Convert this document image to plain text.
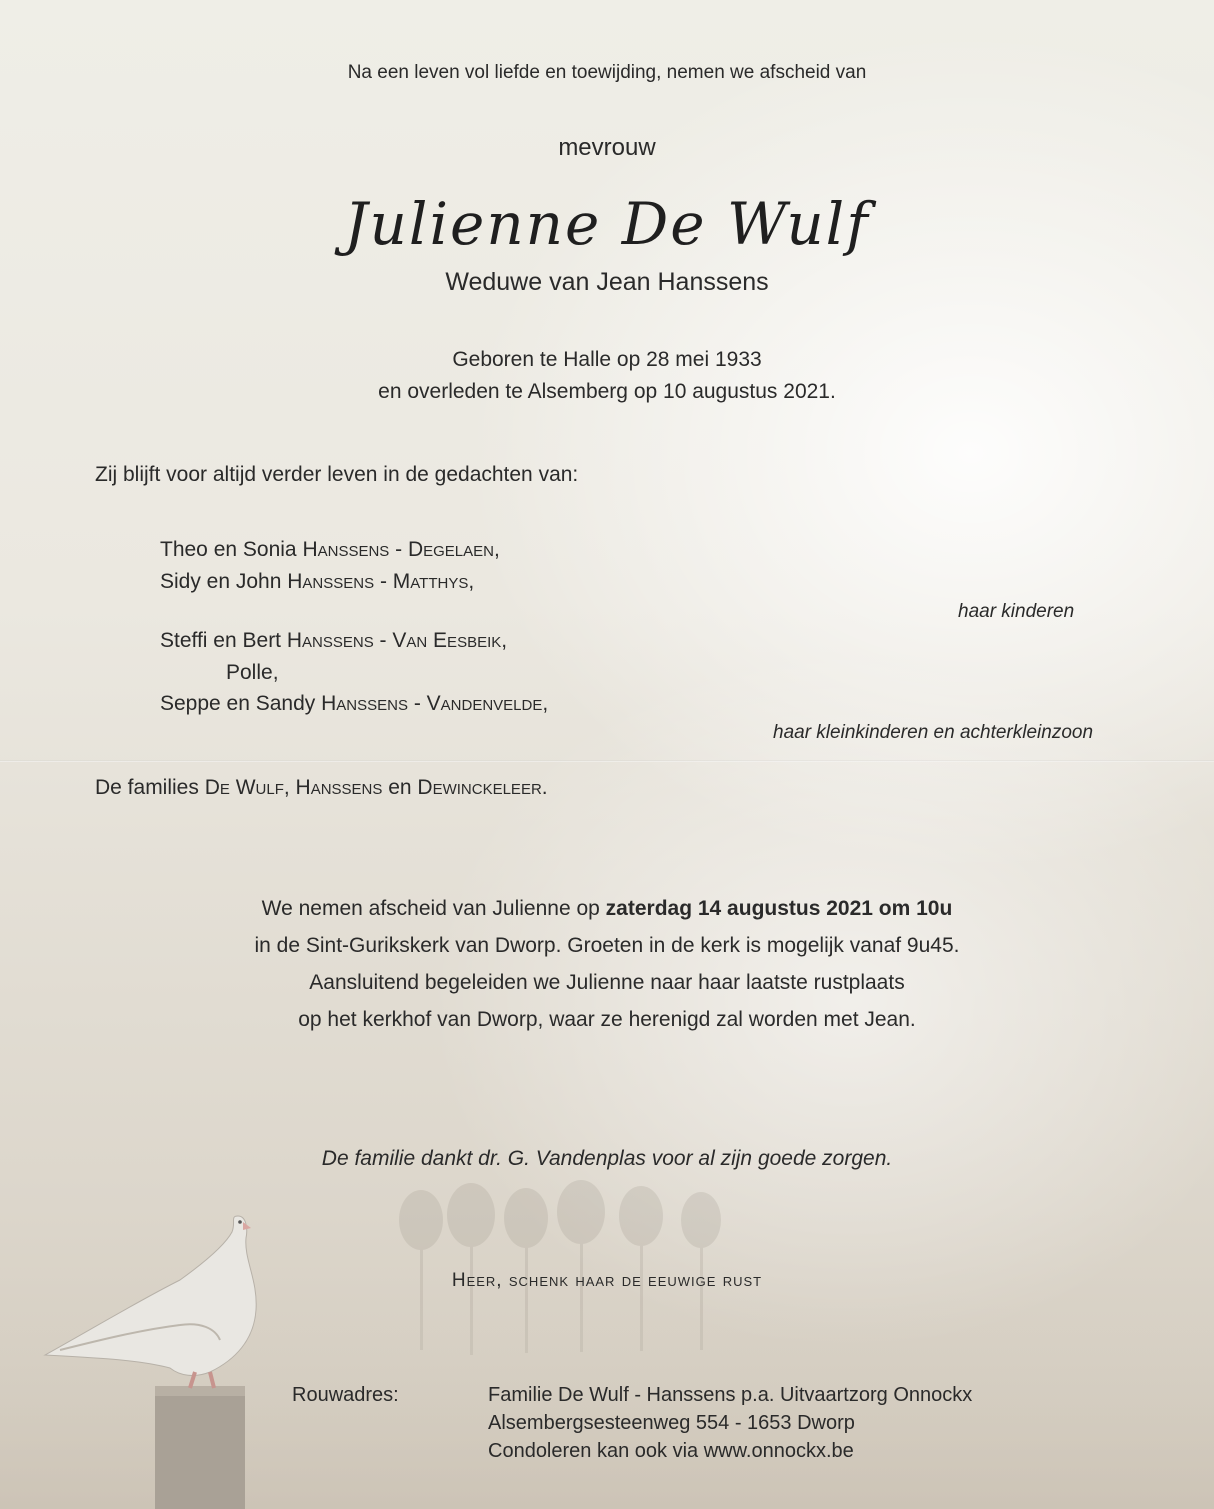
Na een leven vol liefde en toewijding, nemen we afscheid van
mevrouw
Julienne De Wulf
Weduwe van Jean Hanssens
Geboren te Halle op 28 mei 1933
en overleden te Alsemberg op 10 augustus 2021.
Zij blijft voor altijd verder leven in de gedachten van:
Theo en Sonia Hanssens - Degelaen,
Sidy en John Hanssens - Matthys,
haar kinderen
Steffi en Bert Hanssens - Van Eesbeik,
Polle,
Seppe en Sandy Hanssens - Vandenvelde,
haar kleinkinderen en achterkleinzoon
De families De Wulf, Hanssens en Dewinckeleer.
We nemen afscheid van Julienne op zaterdag 14 augustus 2021 om 10u
in de Sint-Gurikskerk van Dworp. Groeten in de kerk is mogelijk vanaf 9u45.
Aansluitend begeleiden we Julienne naar haar laatste rustplaats
op het kerkhof van Dworp, waar ze herenigd zal worden met Jean.
De familie dankt dr. G. Vandenplas voor al zijn goede zorgen.
Heer, schenk haar de eeuwige rust
Rouwadres:	Familie De Wulf - Hanssens p.a. Uitvaartzorg Onnockx
Alsembergsesteenweg 554 - 1653 Dworp
Condoleren kan ook via www.onnockx.be
